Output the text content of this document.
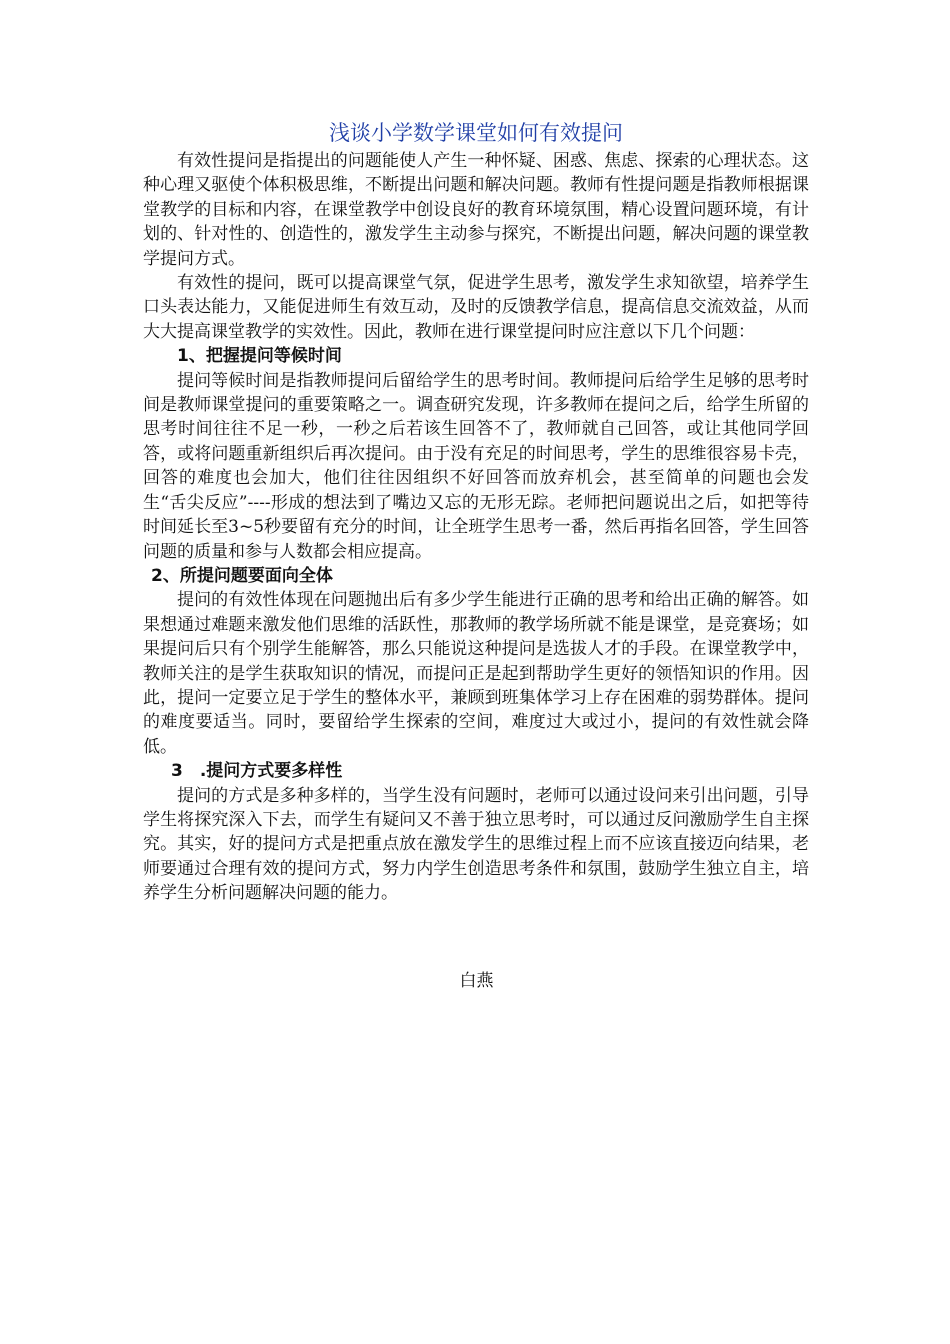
浅谈小学数学课堂如何有效提问

有效性提问是指提出的问题能使人产生一种怀疑、困惑、焦虑、探索的心理状态。这种心理又驱使个体积极思维，不断提出问题和解决问题。教师有性提问题是指教师根据课堂教学的目标和内容，在课堂教学中创设良好的教育环境氛围，精心设置问题环境，有计划的、针对性的、创造性的，激发学生主动参与探究，不断提出问题，解决问题的课堂教学提问方式。

有效性的提问，既可以提高课堂气氛，促进学生思考，激发学生求知欲望，培养学生口头表达能力，又能促进师生有效互动，及时的反馈教学信息，提高信息交流效益，从而大大提高课堂教学的实效性。因此，教师在进行课堂提问时应注意以下几个问题：

1、把握提问等候时间

提问等候时间是指教师提问后留给学生的思考时间。教师提问后给学生足够的思考时间是教师课堂提问的重要策略之一。调查研究发现，许多教师在提问之后，给学生所留的思考时间往往不足一秒，一秒之后若该生回答不了，教师就自己回答，或让其他同学回答，或将问题重新组织后再次提问。由于没有充足的时间思考，学生的思维很容易卡壳，回答的难度也会加大，他们往往因组织不好回答而放弃机会，甚至简单的问题也会发生“舌尖反应”----形成的想法到了嘴边又忘的无形无踪。老师把问题说出之后，如把等待时间延长至3~5秒要留有充分的时间，让全班学生思考一番，然后再指名回答，学生回答问题的质量和参与人数都会相应提高。

2、所提问题要面向全体

提问的有效性体现在问题抛出后有多少学生能进行正确的思考和给出正确的解答。如果想通过难题来激发他们思维的活跃性，那教师的教学场所就不能是课堂，是竞赛场；如果提问后只有个别学生能解答，那么只能说这种提问是选拔人才的手段。在课堂教学中，教师关注的是学生获取知识的情况，而提问正是起到帮助学生更好的领悟知识的作用。因此，提问一定要立足于学生的整体水平，兼顾到班集体学习上存在困难的弱势群体。提问的难度要适当。同时，要留给学生探索的空间，难度过大或过小，提问的有效性就会降低。

3　.提问方式要多样性

提问的方式是多种多样的，当学生没有问题时，老师可以通过设问来引出问题，引导学生将探究深入下去，而学生有疑问又不善于独立思考时，可以通过反问激励学生自主探究。其实，好的提问方式是把重点放在激发学生的思维过程上而不应该直接迈向结果，老师要通过合理有效的提问方式，努力内学生创造思考条件和氛围，鼓励学生独立自主，培养学生分析问题解决问题的能力。

白燕
